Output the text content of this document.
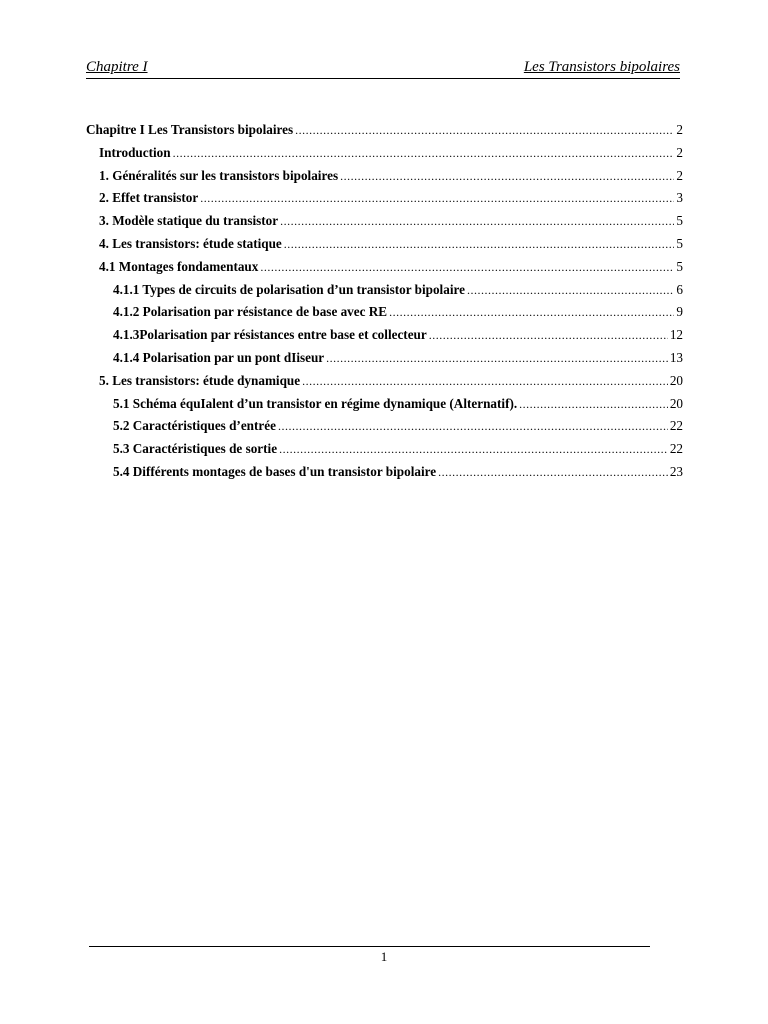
Chapitre I	Les Transistors bipolaires
Chapitre I Les Transistors bipolaires .....	2
Introduction .....	2
1. Généralités sur les transistors bipolaires .....	2
2. Effet transistor .....	3
3. Modèle statique du transistor .....	5
4. Les transistors: étude statique .....	5
4.1 Montages fondamentaux .....	5
4.1.1 Types de circuits de polarisation d’un transistor bipolaire .....	6
4.1.2 Polarisation par résistance de base avec RE .....	9
4.1.3Polarisation par résistances entre base et collecteur .....	12
4.1.4 Polarisation par un pont dIiseur .....	13
5. Les transistors: étude dynamique .....	20
5.1 Schéma équIalent d’un transistor en régime dynamique (Alternatif). .....	20
5.2 Caractéristiques d’entrée .....	22
5.3 Caractéristiques de sortie .....	22
5.4 Différents montages de bases d'un transistor bipolaire .....	23
1
